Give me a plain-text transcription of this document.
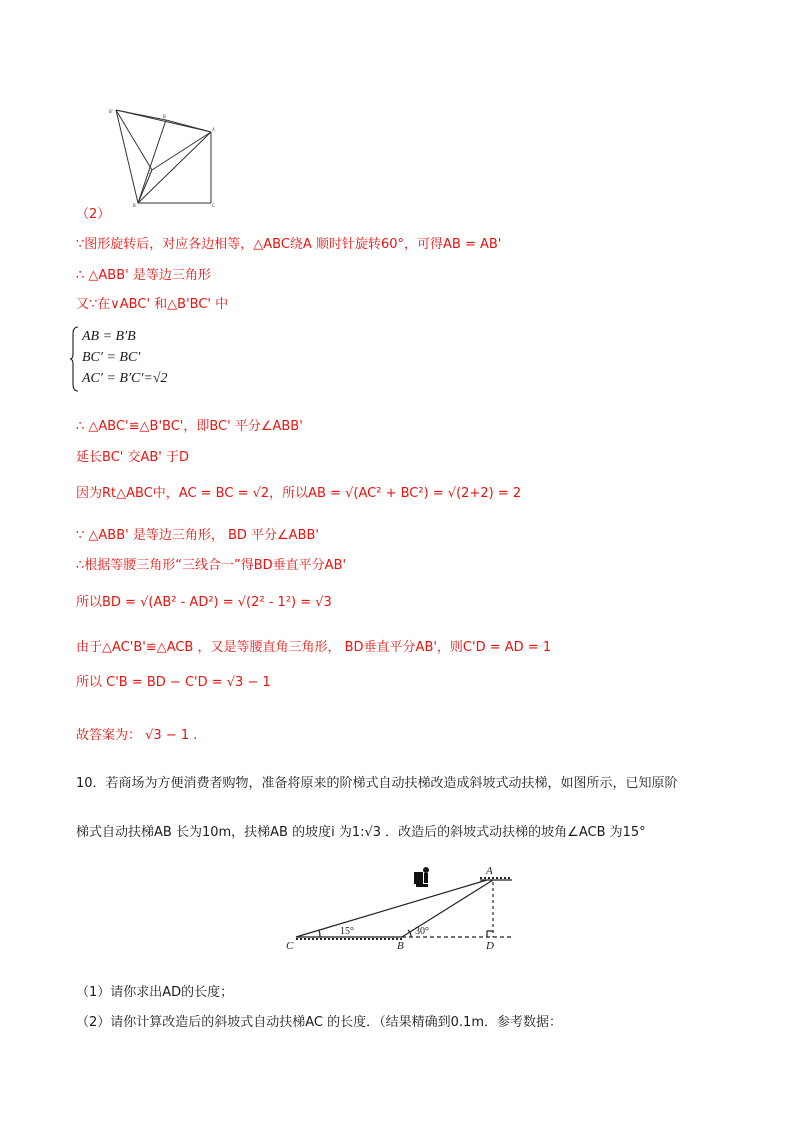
B'
B
C'
A
C
B
（2）
∵图形旋转后，对应各边相等，△ABC绕A 顺时针旋转60°，可得AB = AB'
∴ △ABB' 是等边三角形
又∵在∨ABC' 和△B'BC' 中
AB = B′B
BC′ = BC′
AC′ = B′C′=√2
∴ △ABC'≌△B'BC'，即BC' 平分∠ABB'
延长BC' 交AB' 于D
因为Rt△ABC中，AC = BC = √2，所以AB = √(AC² + BC²) = √(2+2) = 2
∵ △ABB' 是等边三角形， BD 平分∠ABB'
∴根据等腰三角形“三线合一”得BD垂直平分AB'
所以BD = √(AB² - AD²) = √(2² - 1²) = √3
由于△AC'B'≌△ACB ，又是等腰直角三角形， BD垂直平分AB'，则C'D = AD = 1
所以 C'B = BD − C'D = √3 − 1
故答案为： √3 − 1 .
10．若商场为方便消费者购物，准备将原来的阶梯式自动扶梯改造成斜坡式动扶梯，如图所示，已知原阶
梯式自动扶梯AB 长为10m，扶梯AB 的坡度i 为1:√3 ．改造后的斜坡式动扶梯的坡角∠ACB 为15°
A
B
C	D
15°	30°
（1）请你求出AD的长度；
（2）请你计算改造后的斜坡式自动扶梯AC 的长度．（结果精确到0.1m．参考数据：
